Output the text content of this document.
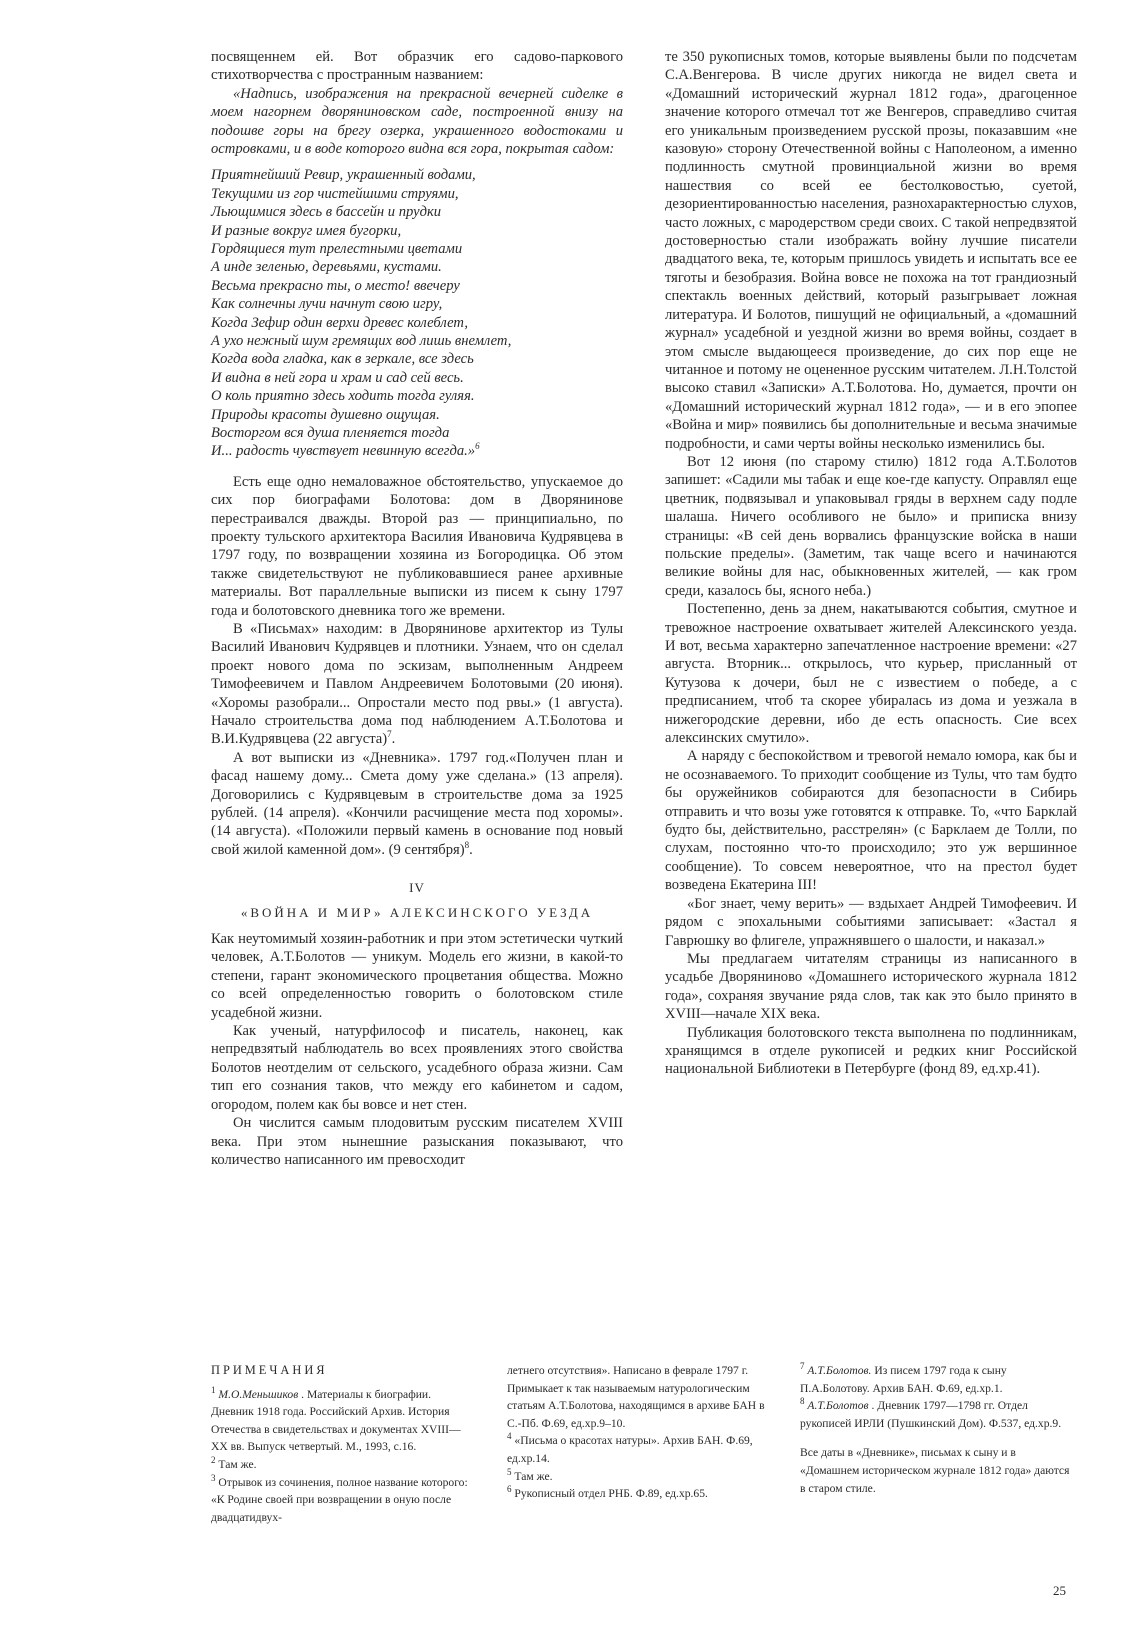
посвященнем ей. Вот образчик его садово-паркового стихотворчества с пространным названием:

«Надпись, изображения на прекрасной вечерней сиделке в моем нагорнем дворяниновском саде, построенной внизу на подошве горы на брегу озерка, украшенного водостоками и островками, и в воде которого видна вся гора, покрытая садом:

Приятнейший Ревир, украшенный водами,
Текущими из гор чистейшими струями,
Льющимися здесь в бассейн и прудки
И разные вокруг имея бугорки,
Гордящиеся тут прелестными цветами
А инде зеленью, деревьями, кустами.
Весьма прекрасно ты, о место! ввечеру
Как солнечны лучи начнут свою игру,
Когда Зефир один верхи древес колеблет,
А ухо нежный шум гремящих вод лишь внемлет,
Когда вода гладка, как в зеркале, все здесь
И видна в ней гора и храм и сад сей весь.
О коль приятно здесь ходить тогда гуляя.
Природы красоты душевно ощущая.
Восторгом вся душа пленяется тогда
И... радость чувствует невинную всегда.»$^6$

Есть еще одно немаловажное обстоятельство, упускаемое до сих пор биографами Болотова: дом в Дворянинове перестраивался дважды. Второй раз — принципиально, по проекту тульского архитектора Василия Ивановича Кудрявцева в 1797 году, по возвращении хозяина из Богородицка. Об этом также свидетельствуют не публиковавшиеся ранее архивные материалы. Вот параллельные выписки из писем к сыну 1797 года и болотовского дневника того же времени.

В «Письмах» находим: в Дворянинове архитектор из Тулы Василий Иванович Кудрявцев и плотники. Узнаем, что он сделал проект нового дома по эскизам, выполненным Андреем Тимофеевичем и Павлом Андреевичем Болотовыми (20 июня). «Хоромы разобрали... Опростали место под рвы.» (1 августа). Начало строительства дома под наблюдением А.Т.Болотова и В.И.Кудрявцева (22 августа)$^7$.

А вот выписки из «Дневника». 1797 год.«Получен план и фасад нашему дому... Смета дому уже сделана.» (13 апреля). Договорились с Кудрявцевым в строительстве дома за 1925 рублей. (14 апреля). «Кончили расчищение места под хоромы». (14 августа). «Положили первый камень в основание под новый свой жилой каменной дом». (9 сентября)$^8$.

IV
«ВОЙНА И МИР» АЛЕКСИНСКОГО УЕЗДА

Как неутомимый хозяин-работник и при этом эстетически чуткий человек, А.Т.Болотов — уникум. Модель его жизни, в какой-то степени, гарант экономического процветания общества. Можно со всей определенностью говорить о болотовском стиле усадебной жизни.

Как ученый, натурфилософ и писатель, наконец, как непредвзятый наблюдатель во всех проявлениях этого свойства Болотов неотделим от сельского, усадебного образа жизни. Сам тип его сознания таков, что между его кабинетом и садом, огородом, полем как бы вовсе и нет стен.

Он числится самым плодовитым русским писателем XVIII века. При этом нынешние разыскания показывают, что количество написанного им превосходит

те 350 рукописных томов, которые выявлены были по подсчетам С.А.Венгерова. В числе других никогда не видел света и «Домашний исторический журнал 1812 года», драгоценное значение которого отмечал тот же Венгеров, справедливо считая его уникальным произведением русской прозы, показавшим «не казовую» сторону Отечественной войны с Наполеоном, а именно подлинность смутной провинциальной жизни во время нашествия со всей ее бестолковостью, суетой, дезориентированностью населения, разнохарактерностью слухов, часто ложных, с мародерством среди своих. С такой непредвзятой достоверностью стали изображать войну лучшие писатели двадцатого века, те, которым пришлось увидеть и испытать все ее тяготы и безобразия. Война вовсе не похожа на тот грандиозный спектакль военных действий, который разыгрывает ложная литература. И Болотов, пишущий не официальный, а «домашний журнал» усадебной и уездной жизни во время войны, создает в этом смысле выдающееся произведение, до сих пор еще не читанное и потому не оцененное русским читателем. Л.Н.Толстой высоко ставил «Записки» А.Т.Болотова. Но, думается, прочти он «Домашний исторический журнал 1812 года», — и в его эпопее «Война и мир» появились бы дополнительные и весьма значимые подробности, и сами черты войны несколько изменились бы.

Вот 12 июня (по старому стилю) 1812 года А.Т.Болотов запишет: «Садили мы табак и еще кое-где капусту. Оправлял еще цветник, подвязывал и упаковывал гряды в верхнем саду подле шалаша. Ничего особливого не было» и приписка внизу страницы: «В сей день ворвались французские войска в наши польские пределы». (Заметим, так чаще всего и начинаются великие войны для нас, обыкновенных жителей, — как гром среди, казалось бы, ясного неба.)

Постепенно, день за днем, накатываются события, смутное и тревожное настроение охватывает жителей Алексинского уезда. И вот, весьма характерно запечатленное настроение времени: «27 августа. Вторник... открылось, что курьер, присланный от Кутузова к дочери, был не с известием о победе, а с предписанием, чтоб та скорее убиралась из дома и уезжала в нижегородские деревни, ибо де есть опасность. Сие всех алексинских смутило».

А наряду с беспокойством и тревогой немало юмора, как бы и не осознаваемого. То приходит сообщение из Тулы, что там будто бы оружейников собираются для безопасности в Сибирь отправить и что возы уже готовятся к отправке. То, «что Барклай будто бы, действительно, расстрелян» (с Барклаем де Толли, по слухам, постоянно что-то происходило; это уж вершинное сообщение). То совсем невероятное, что на престол будет возведена Екатерина III!

«Бог знает, чему верить» — вздыхает Андрей Тимофеевич. И рядом с эпохальными событиями записывает: «Застал я Гаврюшку во флигеле, упражнявшего о шалости, и наказал.»

Мы предлагаем читателям страницы из написанного в усадьбе Дворяниново «Домашнего исторического журнала 1812 года», сохраняя звучание ряда слов, так как это было принято в XVIII—начале XIX века.

Публикация болотовского текста выполнена по подлинникам, хранящимся в отделе рукописей и редких книг Российской национальной Библиотеки в Петербурге (фонд 89, ед.хр.41).

ПРИМЕЧАНИЯ

$^1$ М.О.Меньшиков . Материалы к биографии. Дневник 1918 года. Российский Архив. История Отечества в свидетельствах и документах XVIII—XX вв. Выпуск четвертый. М., 1993, с.16.

$^2$ Там же.

$^3$ Отрывок из сочинения, полное название которого: «К Родине своей при возвращении в оную после двадцатидвух-

летнего отсутствия». Написано в феврале 1797 г. Примыкает к так называемым натурологическим статьям А.Т.Болотова, находящимся в архиве БАН в С.-Пб. Ф.69, ед.хр.9–10.

$^4$ «Письма о красотах натуры». Архив БАН. Ф.69, ед.хр.14.

$^5$ Там же.

$^6$ Рукописный отдел РНБ. Ф.89, ед.хр.65.

$^7$ А.Т.Болотов. Из писем 1797 года к сыну П.А.Болотову. Архив БАН. Ф.69, ед.хр.1.

$^8$ А.Т.Болотов . Дневник 1797—1798 гг. Отдел рукописей ИРЛИ (Пушкинский Дом). Ф.537, ед.хр.9.

Все даты в «Дневнике», письмах к сыну и в «Домашнем историческом журнале 1812 года» даются в старом стиле.

25
